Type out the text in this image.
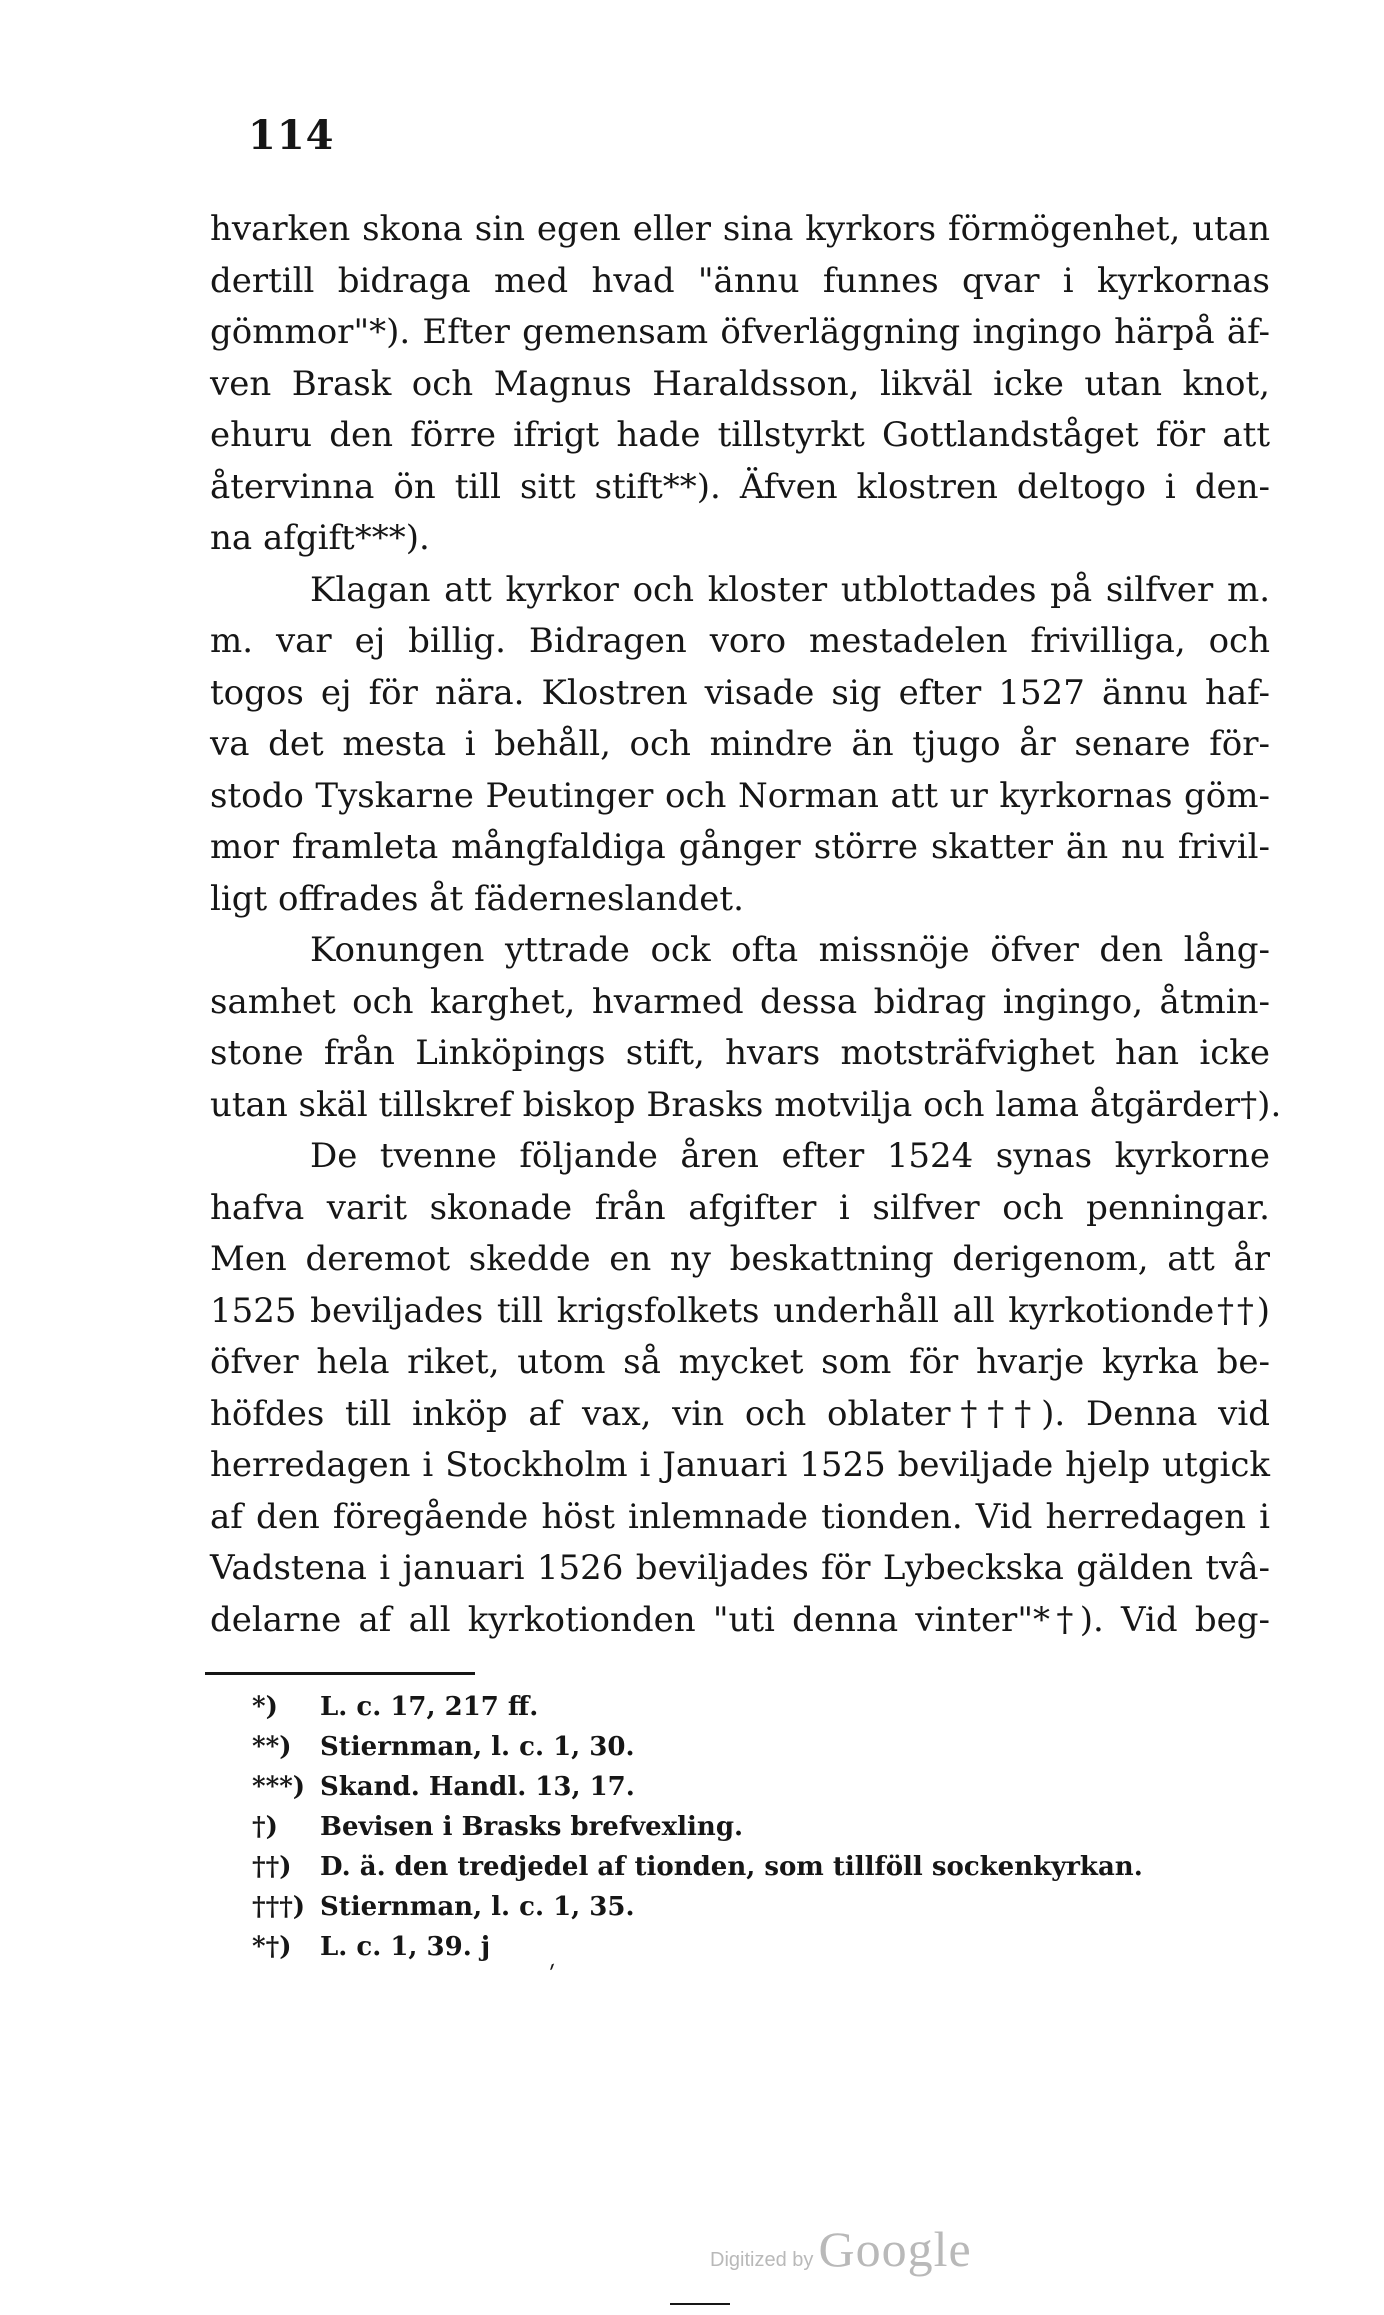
114
hvarken skona sin egen eller sina kyrkors förmögenhet, utan
dertill bidraga med hvad "ännu funnes qvar i kyrkornas
gömmor"*). Efter gemensam öfverläggning ingingo härpå äf-
ven Brask och Magnus Haraldsson, likväl icke utan knot,
ehuru den förre ifrigt hade tillstyrkt Gottlandståget för att
återvinna ön till sitt stift**). Äfven klostren deltogo i den-
na afgift***).
Klagan att kyrkor och kloster utblottades på silfver m.
m. var ej billig. Bidragen voro mestadelen frivilliga, och
togos ej för nära. Klostren visade sig efter 1527 ännu haf-
va det mesta i behåll, och mindre än tjugo år senare för-
stodo Tyskarne Peutinger och Norman att ur kyrkornas göm-
mor framleta mångfaldiga gånger större skatter än nu frivil-
ligt offrades åt fäderneslandet.
Konungen yttrade ock ofta missnöje öfver den lång-
samhet och karghet, hvarmed dessa bidrag ingingo, åtmin-
stone från Linköpings stift, hvars motsträfvighet han icke
utan skäl tillskref biskop Brasks motvilja och lama åtgärder†).
De tvenne följande åren efter 1524 synas kyrkorne
hafva varit skonade från afgifter i silfver och penningar.
Men deremot skedde en ny beskattning derigenom, att år
1525 beviljades till krigsfolkets underhåll all kyrkotionde††)
öfver hela riket, utom så mycket som för hvarje kyrka be-
höfdes till inköp af vax, vin och oblater†††). Denna vid
herredagen i Stockholm i Januari 1525 beviljade hjelp utgick
af den föregående höst inlemnade tionden. Vid herredagen i
Vadstena i januari 1526 beviljades för Lybeckska gälden tvâ-
delarne af all kyrkotionden "uti denna vinter"*†). Vid beg-
*) L. c. 17, 217 ff.
**) Stiernman, l. c. 1, 30.
***) Skand. Handl. 13, 17.
†) Bevisen i Brasks brefvexling.
††) D. ä. den tredjedel af tionden, som tillföll sockenkyrkan.
†††) Stiernman, l. c. 1, 35.
*†) L. c. 1, 39. j
´
Digitized by Google
